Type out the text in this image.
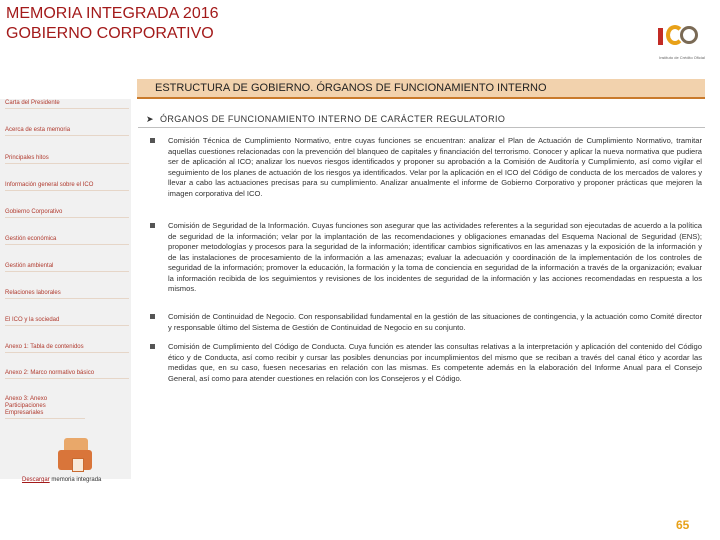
MEMORIA INTEGRADA 2016
GOBIERNO CORPORATIVO
Instituto de Crédito Oficial
ESTRUCTURA DE GOBIERNO. ÓRGANOS DE FUNCIONAMIENTO INTERNO
Carta del Presidente
Acerca de esta memoria
Principales hitos
Información general sobre el ICO
Gobierno Corporativo
Gestión económica
Gestión ambiental
Relaciones laborales
El ICO y la sociedad
Anexo 1: Tabla de contenidos
Anexo 2: Marco normativo básico
Anexo 3: Anexo Participaciones Empresariales
Descargar memoria integrada
➤ ÓRGANOS DE FUNCIONAMIENTO INTERNO DE CARÁCTER REGULATORIO
Comisión Técnica de Cumplimiento Normativo, entre cuyas funciones se encuentran: analizar el Plan de Actuación de Cumplimiento Normativo, tramitar aquellas cuestiones relacionadas con la prevención del blanqueo de capitales y financiación del terrorismo. Conocer y aplicar la nueva normativa que pudiera ser de aplicación al ICO; analizar los nuevos riesgos identificados y proponer su aprobación a la Comisión de Auditoría y Cumplimiento, así como vigilar el seguimiento de los planes de actuación de los riesgos ya identificados. Velar por la aplicación en el ICO del Código de conducta de los mercados de valores y llevar a cabo las actuaciones precisas para su cumplimiento. Analizar anualmente el informe de Gobierno Corporativo y proponer prácticas que mejoren la imagen corporativa del ICO.
Comisión de Seguridad de la Información. Cuyas funciones son asegurar que las actividades referentes a la seguridad son ejecutadas de acuerdo a la política de seguridad de la información; velar por la implantación de las recomendaciones y obligaciones emanadas del Esquema Nacional de Seguridad (ENS); proponer metodologías y procesos para la seguridad de la información; identificar cambios significativos en las amenazas y la exposición de la información y de las instalaciones de procesamiento de la información a las amenazas; evaluar la adecuación y coordinación de la implementación de los controles de seguridad de la información; promover la educación, la formación y la toma de conciencia en seguridad de la información a través de la organización; evaluar la información recibida de los seguimientos y revisiones de los incidentes de seguridad de la información y las acciones recomendadas en respuesta a los mismos.
Comisión de Continuidad de Negocio. Con responsabilidad fundamental en la gestión de las situaciones de contingencia, y la actuación como Comité director y responsable último del Sistema de Gestión de Continuidad de Negocio en su conjunto.
Comisión de Cumplimiento del Código de Conducta. Cuya función es atender las consultas relativas a la interpretación y aplicación del contenido del Código ético y de Conducta, así como recibir y cursar las posibles denuncias por incumplimientos del mismo que se reciban a través del canal ético y acordar las medidas que, en su caso, fuesen necesarias en relación con las mismas. Es competente además en la elaboración del Informe Anual para el Consejo General, así como para atender cuestiones en relación con los Consejeros y el Código.
65
